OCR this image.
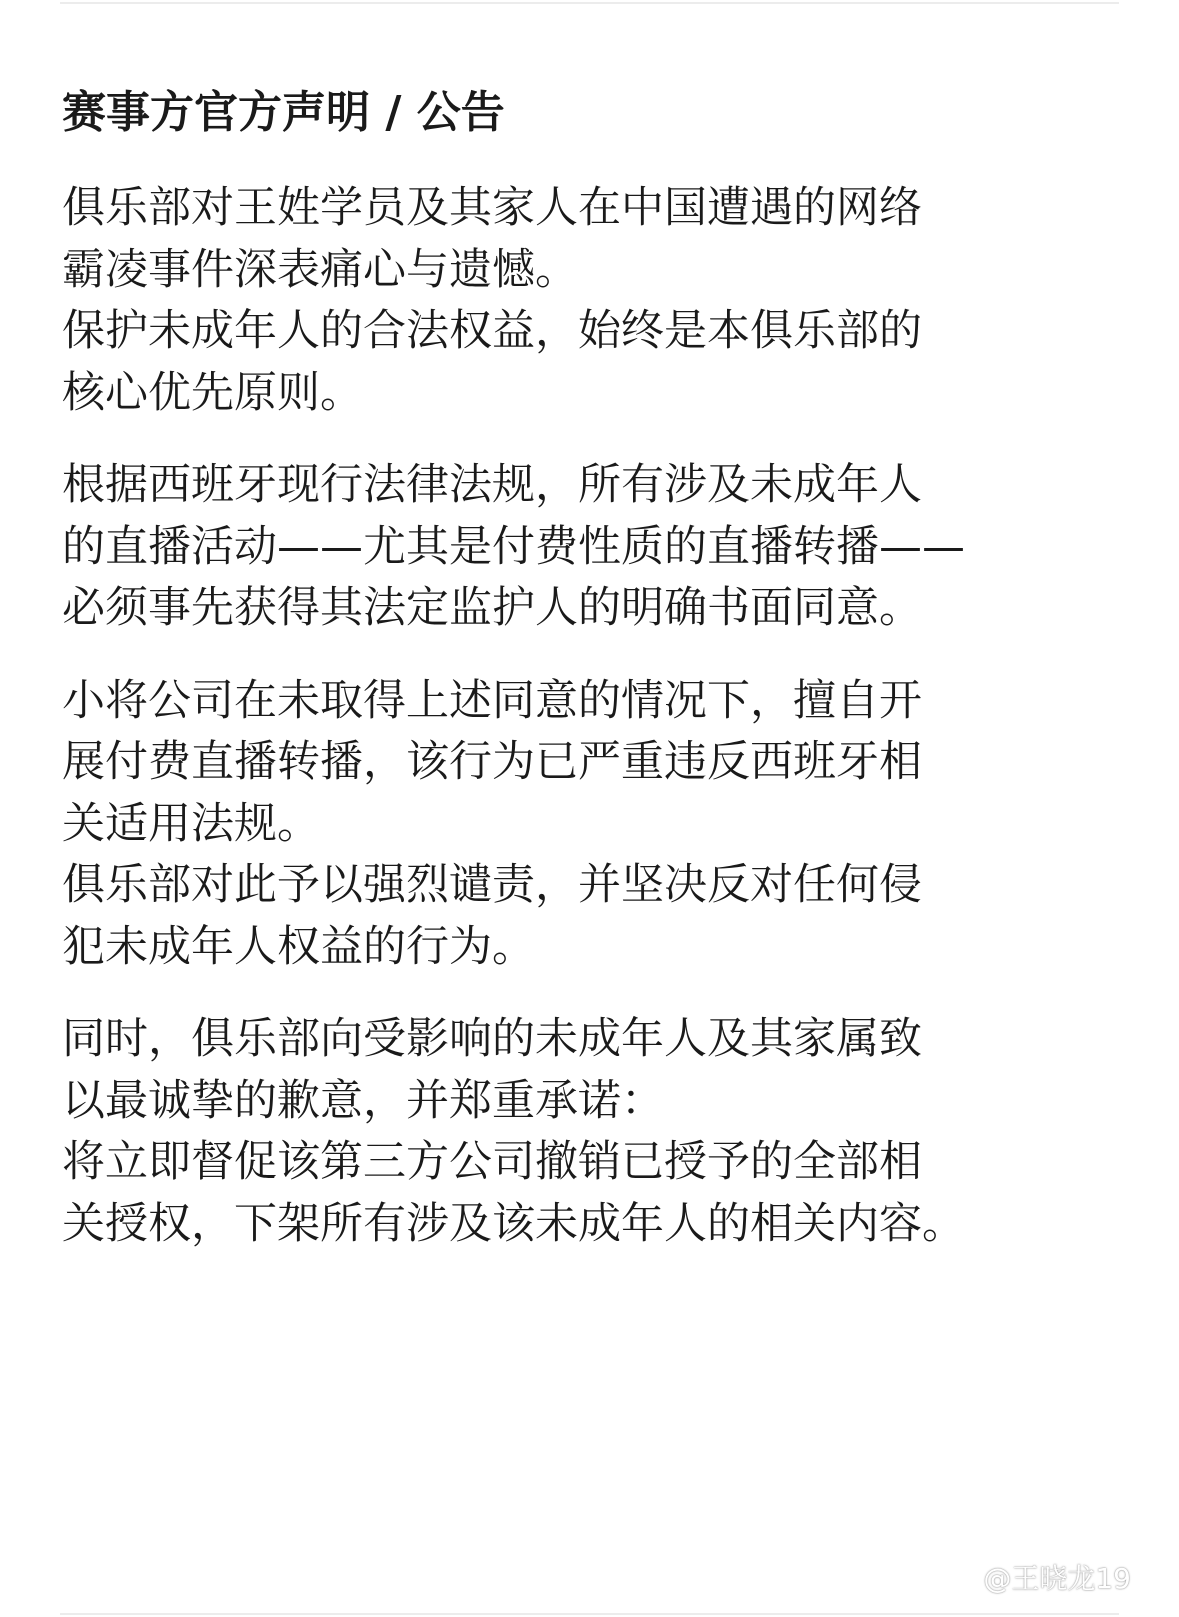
赛事方官方声明 / 公告
俱乐部对王姓学员及其家人在中国遭遇的网络
霸凌事件深表痛心与遗憾。
保护未成年人的合法权益，始终是本俱乐部的
核心优先原则。
根据西班牙现行法律法规，所有涉及未成年人
的直播活动——尤其是付费性质的直播转播——
必须事先获得其法定监护人的明确书面同意。
小将公司在未取得上述同意的情况下，擅自开
展付费直播转播，该行为已严重违反西班牙相
关适用法规。
俱乐部对此予以强烈谴责，并坚决反对任何侵
犯未成年人权益的行为。
同时，俱乐部向受影响的未成年人及其家属致
以最诚挚的歉意，并郑重承诺：
将立即督促该第三方公司撤销已授予的全部相
关授权，下架所有涉及该未成年人的相关内容。
@王晓龙19
